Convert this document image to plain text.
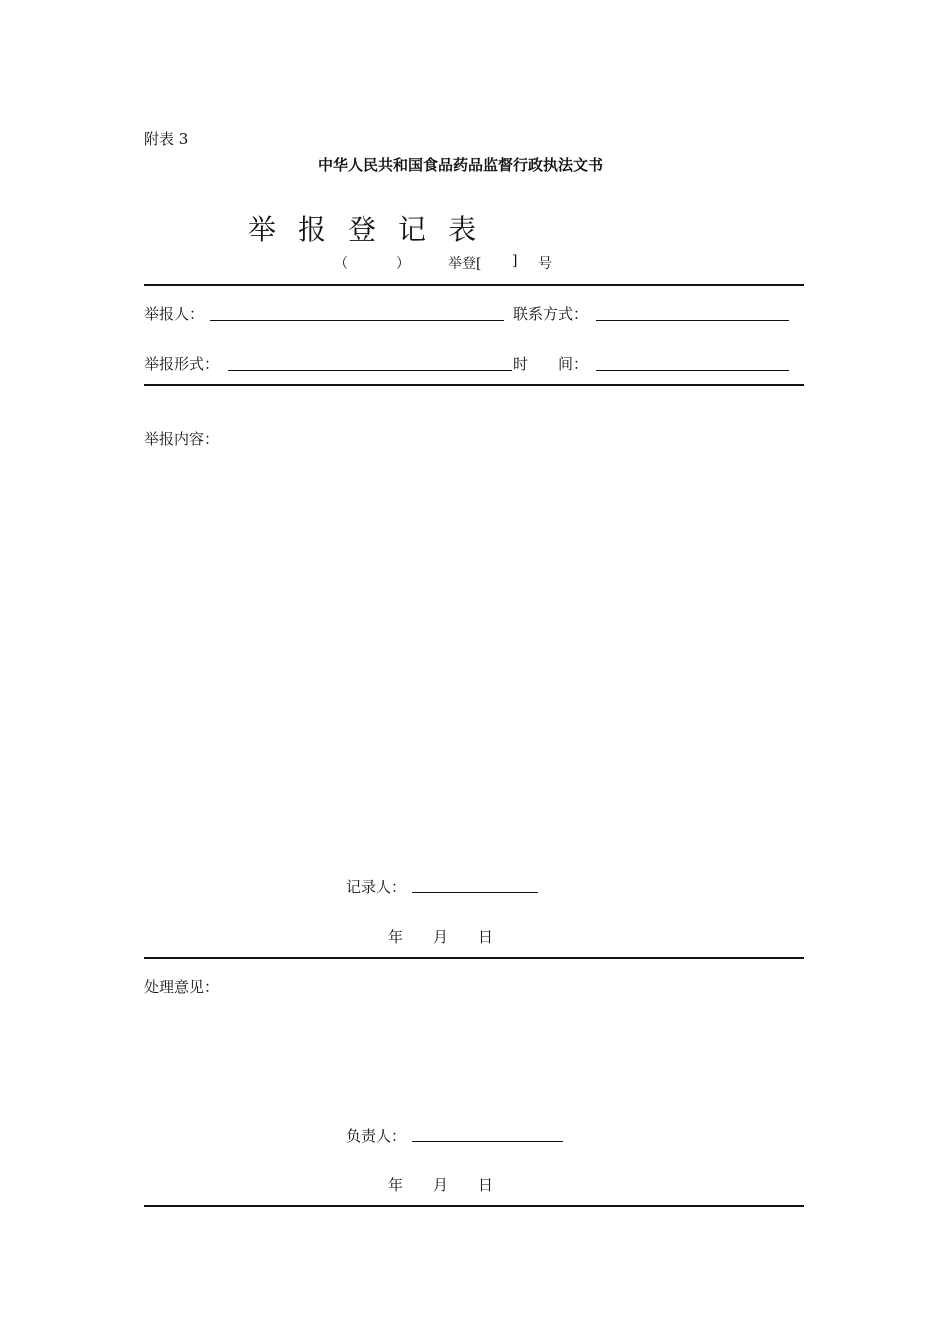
附表 3
中华人民共和国食品药品监督行政执法文书
举 报 登 记 表
（	）	举登[ ] 号
举报人：	联系方式：
举报形式：	时　　间：
举报内容：
记录人：
年　　月　　日
处理意见：
负责人：
年　　月　　日
